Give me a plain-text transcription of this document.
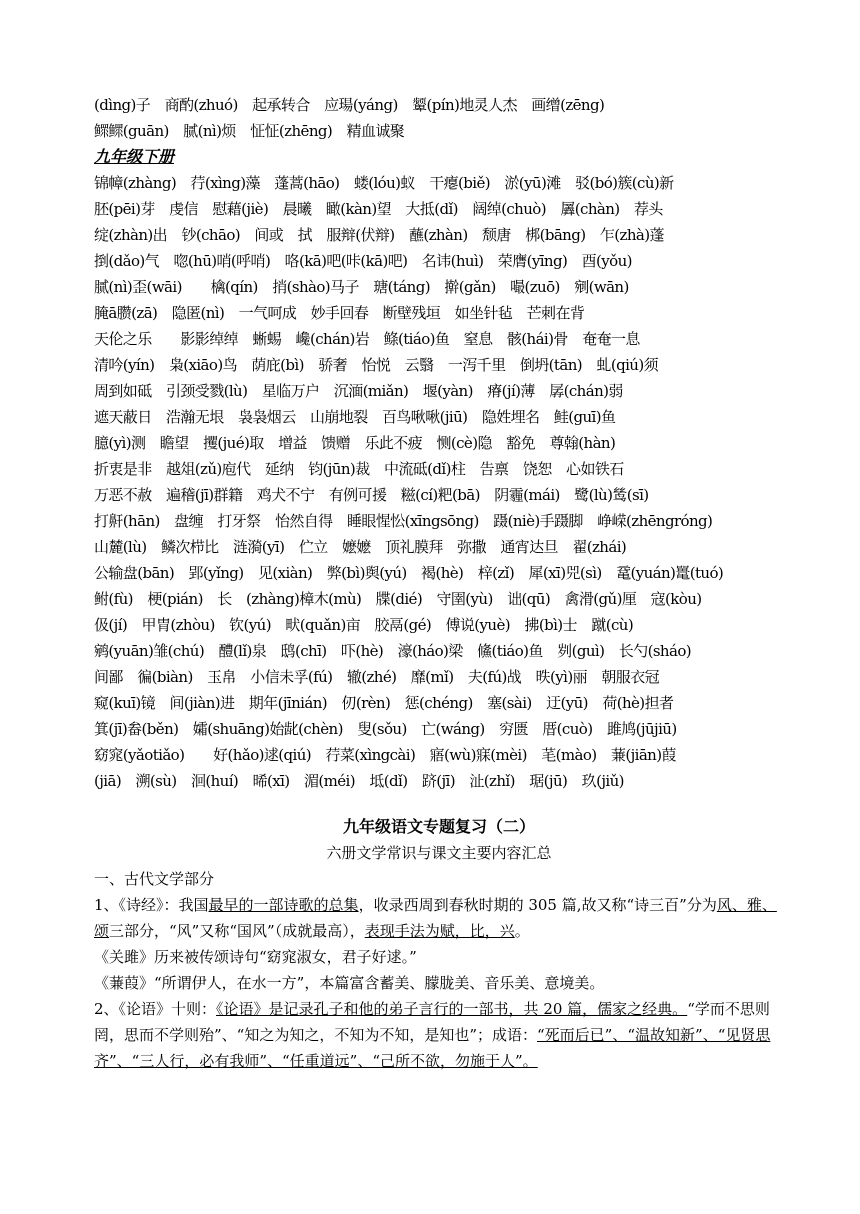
(dìng)子　商酌(zhuó)　起承转合　应瑒(yáng)　颦(pín)地灵人杰　画缯(zēng)
鳏鳏(guān)　腻(nì)烦　怔怔(zhēng)　精血诚聚
九年级下册
锦幛(zhàng)　荇(xìng)藻　蓬蒿(hāo)　蝼(lóu)蚁　干瘪(biě)　淤(yū)滩　驳(bó)簇(cù)新
胚(pēi)芽　虔信　慰藉(jiè)　晨曦　瞰(kàn)望　大抵(dǐ)　阔绰(chuò)　羼(chàn)　荐头
绽(zhàn)出　钞(chāo)　间或　拭　服辩(伏辩)　蘸(zhàn)　颓唐　梆(bāng)　乍(zhà)蓬
捯(dǎo)气　唿(hū)哨(呼哨)　咯(kā)吧(咔(kā)吧)　名讳(huì)　荣膺(yīng)　酉(yǒu)
腻(nì)歪(wāi)　　檎(qín)　捎(shào)马子　瑭(táng)　擀(gǎn)　嘬(zuō)　剜(wān)
腌ā臜(zā)　隐匿(nì)　一气呵成　妙手回春　断壁残垣　如坐针毡　芒刺在背
天伦之乐　　影影绰绰　蜥蜴　巉(chán)岩　鲦(tiáo)鱼　窒息　骸(hái)骨　奄奄一息
清吟(yín)　枭(xiāo)鸟　荫庇(bì)　骄奢　怡悦　云翳　一泻千里　倒坍(tān)　虬(qiú)须
周到如砥　引颈受戮(lù)　星临万户　沉湎(miǎn)　堰(yàn)　瘠(jí)薄　孱(chán)弱
遮天蔽日　浩瀚无垠　袅袅烟云　山崩地裂　百鸟啾啾(jiū)　隐姓埋名　鲑(guī)鱼
臆(yì)测　瞻望　攫(jué)取　增益　馈赠　乐此不疲　恻(cè)隐　豁免　尊翰(hàn)
折衷是非　越俎(zǔ)庖代　延纳　钧(jūn)裁　中流砥(dǐ)柱　告禀　饶恕　心如铁石
万恶不赦　遍稽(jī)群籍　鸡犬不宁　有例可援　糍(cí)粑(bā)　阴霾(mái)　鹭(lù)鸶(sī)
打鼾(hān)　盘缠　打牙祭　怡然自得　睡眼惺忪(xīngsōng)　蹑(niè)手蹑脚　峥嵘(zhēngróng)
山麓(lù)　鳞次栉比　涟漪(yī)　伫立　嬷嬷　顶礼膜拜　弥撒　通宵达旦　翟(zhái)
公输盘(bān)　郢(yǐng)　见(xiàn)　弊(bì)舆(yú)　褐(hè)　梓(zǐ)　犀(xī)兕(sì)　鼋(yuán)鼍(tuó)
鲋(fù)　梗(pián)　长　(zhàng)樟木(mù)　牒(dié)　守圉(yù)　诎(qū)　禽滑(gǔ)厘　寇(kòu)
伋(jí)　甲胄(zhòu)　钦(yú)　畎(quǎn)亩　胶鬲(gé)　傅说(yuè)　拂(bì)士　蹴(cù)
鹓(yuān)雏(chú)　醴(lǐ)泉　鸱(chī)　吓(hè)　濠(háo)梁　鯈(tiáo)鱼　刿(guì)　长勺(sháo)
间鄙　徧(biàn)　玉帛　小信未孚(fú)　辙(zhé)　靡(mǐ)　夫(fú)战　昳(yì)丽　朝服衣冠
窥(kuī)镜　间(jiàn)进　期年(jīnián)　仞(rèn)　惩(chéng)　塞(sài)　迂(yū)　荷(hè)担者
箕(jī)畚(běn)　孀(shuāng)始龀(chèn)　叟(sǒu)　亡(wáng)　穷匮　厝(cuò)　雎鸠(jūjiū)
窈窕(yǎotiǎo)　　好(hǎo)逑(qiú)　荇菜(xìngcài)　寤(wù)寐(mèi)　芼(mào)　蒹(jiān)葭
(jiā)　溯(sù)　洄(huí)　晞(xī)　湄(méi)　坻(dǐ)　跻(jī)　沚(zhǐ)　琚(jū)　玖(jiǔ)
九年级语文专题复习（二）
六册文学常识与课文主要内容汇总
一、古代文学部分
1、《诗经》：我国最早的一部诗歌的总集，收录西周到春秋时期的 305 篇,故又称“诗三百”分为风、雅、颂三部分，“风”又称“国风”（成就最高），表现手法为赋，比，兴。
《关雎》历来被传颂诗句“窈窕淑女，君子好逑。”
《蒹葭》“所谓伊人，在水一方”，本篇富含蓄美、朦胧美、音乐美、意境美。
2、《论语》十则：《论语》是记录孔子和他的弟子言行的一部书，共 20 篇，儒家之经典。“学而不思则罔，思而不学则殆”、“知之为知之，不知为不知，是知也”；成语：“死而后已”、“温故知新”、“见贤思齐”、“三人行，必有我师”、“任重道远”、“己所不欲，勿施于人”。
